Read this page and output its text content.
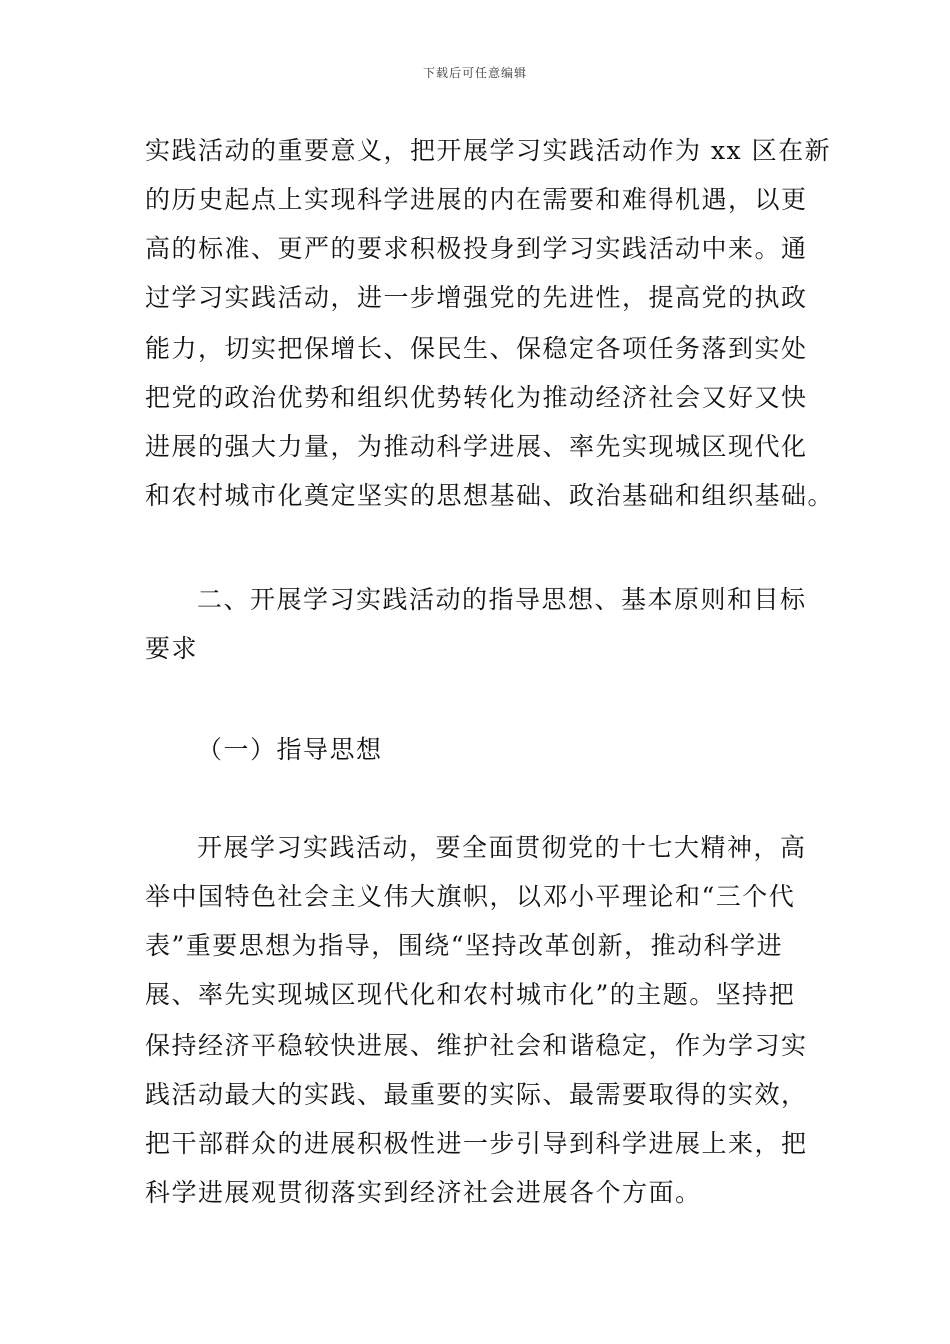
下载后可任意编辑
实践活动的重要意义，把开展学习实践活动作为 xx 区在新
的历史起点上实现科学进展的内在需要和难得机遇，以更
高的标准、更严的要求积极投身到学习实践活动中来。通
过学习实践活动，进一步增强党的先进性，提高党的执政
能力，切实把保增长、保民生、保稳定各项任务落到实处
把党的政治优势和组织优势转化为推动经济社会又好又快
进展的强大力量，为推动科学进展、率先实现城区现代化
和农村城市化奠定坚实的思想基础、政治基础和组织基础。
二、开展学习实践活动的指导思想、基本原则和目标
要求
（一）指导思想
开展学习实践活动，要全面贯彻党的十七大精神，高
举中国特色社会主义伟大旗帜，以邓小平理论和“三个代
表”重要思想为指导，围绕“坚持改革创新，推动科学进
展、率先实现城区现代化和农村城市化”的主题。坚持把
保持经济平稳较快进展、维护社会和谐稳定，作为学习实
践活动最大的实践、最重要的实际、最需要取得的实效，
把干部群众的进展积极性进一步引导到科学进展上来，把
科学进展观贯彻落实到经济社会进展各个方面。
